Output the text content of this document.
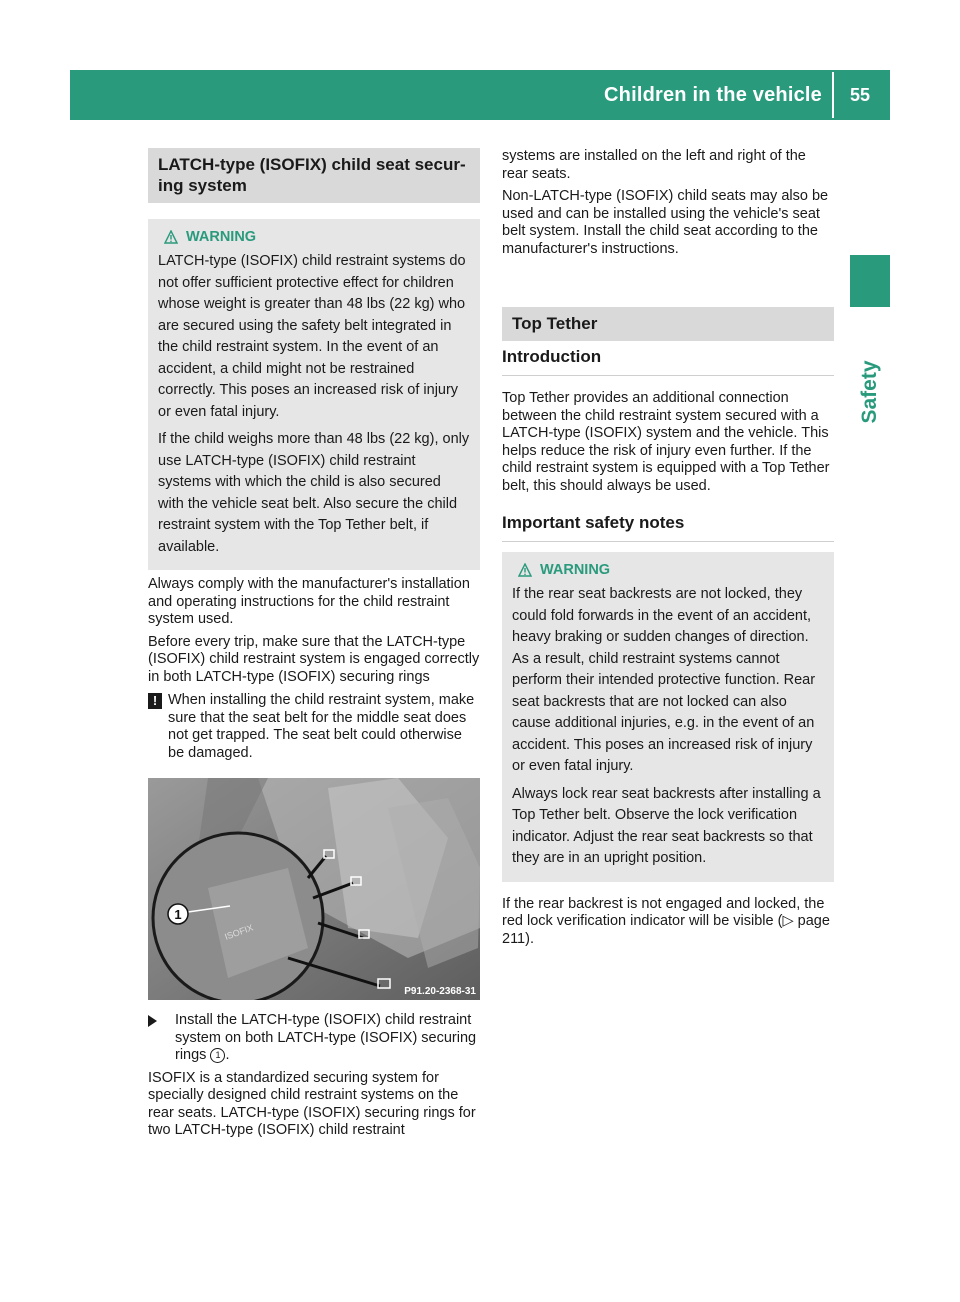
Children in the vehicle	55
Safety
LATCH-type (ISOFIX) child seat secur-
ing system
WARNING

LATCH-type (ISOFIX) child restraint systems do not offer sufficient protective effect for children whose weight is greater than 48 lbs (22 kg) who are secured using the safety belt integrated in the child restraint system. In the event of an accident, a child might not be restrained correctly. This poses an increased risk of injury or even fatal injury.

If the child weighs more than 48 lbs (22 kg), only use LATCH-type (ISOFIX) child restraint systems with which the child is also secured with the vehicle seat belt. Also secure the child restraint system with the Top Tether belt, if available.

Always comply with the manufacturer's installation and operating instructions for the child restraint system used.

Before every trip, make sure that the LATCH-type (ISOFIX) child restraint system is engaged correctly in both LATCH-type (ISOFIX) securing rings

! When installing the child restraint system, make sure that the seat belt for the middle seat does not get trapped. The seat belt could otherwise be damaged.
1
ISOFIX
P91.20-2368-31
Install the LATCH-type (ISOFIX) child restraint system on both LATCH-type (ISOFIX) securing rings 1 .

ISOFIX is a standardized securing system for specially designed child restraint systems on the rear seats. LATCH-type (ISOFIX) securing rings for two LATCH-type (ISOFIX) child restraint

systems are installed on the left and right of the rear seats.

Non-LATCH-type (ISOFIX) child seats may also be used and can be installed using the vehicle's seat belt system. Install the child seat according to the manufacturer's instructions.

Top Tether
Introduction

Top Tether provides an additional connection between the child restraint system secured with a LATCH-type (ISOFIX) system and the vehicle. This helps reduce the risk of injury even further. If the child restraint system is equipped with a Top Tether belt, this should always be used.

Important safety notes
WARNING

If the rear seat backrests are not locked, they could fold forwards in the event of an accident, heavy braking or sudden changes of direction. As a result, child restraint systems cannot perform their intended protective function. Rear seat backrests that are not locked can also cause additional injuries, e.g. in the event of an accident. This poses an increased risk of injury or even fatal injury.

Always lock rear seat backrests after installing a Top Tether belt. Observe the lock verification indicator. Adjust the rear seat backrests so that they are in an upright position.

If the rear backrest is not engaged and locked, the red lock verification indicator will be visible (▷ page 211).
